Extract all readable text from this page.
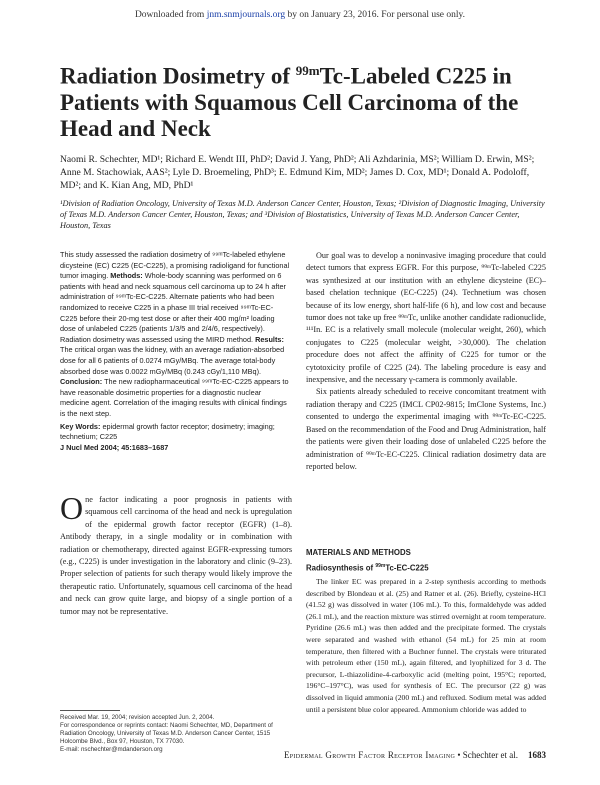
Downloaded from jnm.snmjournals.org by on January 23, 2016. For personal use only.
Radiation Dosimetry of $^{99m}$Tc-Labeled C225 in Patients with Squamous Cell Carcinoma of the Head and Neck
Naomi R. Schechter, MD¹; Richard E. Wendt III, PhD²; David J. Yang, PhD²; Ali Azhdarinia, MS²; William D. Erwin, MS²; Anne M. Stachowiak, AAS²; Lyle D. Broemeling, PhD³; E. Edmund Kim, MD²; James D. Cox, MD¹; Donald A. Podoloff, MD²; and K. Kian Ang, MD, PhD¹
¹Division of Radiation Oncology, University of Texas M.D. Anderson Cancer Center, Houston, Texas; ²Division of Diagnostic Imaging, University of Texas M.D. Anderson Cancer Center, Houston, Texas; and ³Division of Biostatistics, University of Texas M.D. Anderson Cancer Center, Houston, Texas
This study assessed the radiation dosimetry of ⁹⁹ᵐTc-labeled ethylene dicysteine (EC) C225 (EC-C225), a promising radioligand for functional tumor imaging. Methods: Whole-body scanning was performed on 6 patients with head and neck squamous cell carcinoma up to 24 h after administration of ⁹⁹ᵐTc-EC-C225. Alternate patients who had been randomized to receive C225 in a phase III trial received ⁹⁹ᵐTc-EC-C225 before their 20-mg test dose or after their 400 mg/m² loading dose of unlabeled C225 (patients 1/3/5 and 2/4/6, respectively). Radiation dosimetry was assessed using the MIRD method. Results: The critical organ was the kidney, with an average radiation-absorbed dose for all 6 patients of 0.0274 mGy/MBq. The average total-body absorbed dose was 0.0022 mGy/MBq (0.243 cGy/1,110 MBq). Conclusion: The new radiopharmaceutical ⁹⁹ᵐTc-EC-C225 appears to have reasonable dosimetric properties for a diagnostic nuclear medicine agent. Correlation of the imaging results with clinical findings is the next step.
Key Words: epidermal growth factor receptor; dosimetry; imaging; technetium; C225
J Nucl Med 2004; 45:1683–1687
One factor indicating a poor prognosis in patients with squamous cell carcinoma of the head and neck is upregulation of the epidermal growth factor receptor (EGFR) (1–8). Antibody therapy, in a single modality or in combination with radiation or chemotherapy, directed against EGFR-expressing tumors (e.g., C225) is under investigation in the laboratory and clinic (9–23). Proper selection of patients for such therapy would likely improve the therapeutic ratio. Unfortunately, squamous cell carcinoma of the head and neck can grow quite large, and biopsy of a single portion of a tumor may not be representative.
Received Mar. 19, 2004; revision accepted Jun. 2, 2004.
For correspondence or reprints contact: Naomi Schechter, MD, Department of Radiation Oncology, University of Texas M.D. Anderson Cancer Center, 1515 Holcombe Blvd., Box 97, Houston, TX 77030.
E-mail: nschechter@mdanderson.org

Our goal was to develop a noninvasive imaging procedure that could detect tumors that express EGFR. For this purpose, ⁹⁹ᵐTc-labeled C225 was synthesized at our institution with an ethylene dicysteine (EC)–based chelation technique (EC-C225) (24). Technetium was chosen because of its low energy, short half-life (6 h), and low cost and because tumor does not take up free ⁹⁹ᵐTc, unlike another candidate radionuclide, ¹¹¹In. EC is a relatively small molecule (molecular weight, 260), which conjugates to C225 (molecular weight, >30,000). The chelation procedure does not affect the affinity of C225 for tumor or the cytotoxicity profile of C225 (24). The labeling procedure is easy and inexpensive, and the necessary γ-camera is commonly available.

Six patients already scheduled to receive concomitant treatment with radiation therapy and C225 (IMCL CP02-9815; ImClone Systems, Inc.) consented to undergo the experimental imaging with ⁹⁹ᵐTc-EC-C225. Based on the recommendation of the Food and Drug Administration, half the patients were given their loading dose of unlabeled C225 before the administration of ⁹⁹ᵐTc-EC-C225. Clinical radiation dosimetry data are reported below.

MATERIALS AND METHODS
Radiosynthesis of $^{99m}$Tc-EC-C225
The linker EC was prepared in a 2-step synthesis according to methods described by Blondeau et al. (25) and Ratner et al. (26). Briefly, cysteine-HCl (41.52 g) was dissolved in water (106 mL). To this, formaldehyde was added (26.1 mL), and the reaction mixture was stirred overnight at room temperature. Pyridine (26.6 mL) was then added and the precipitate formed. The crystals were separated and washed with ethanol (54 mL) for 25 min at room temperature, then filtered with a Buchner funnel. The crystals were triturated with petroleum ether (150 mL), again filtered, and lyophilized for 3 d. The precursor, L-thiazolidine-4-carboxylic acid (melting point, 195°C; reported, 196°C–197°C), was used for synthesis of EC. The precursor (22 g) was dissolved in liquid ammonia (200 mL) and refluxed. Sodium metal was added until a persistent blue color appeared. Ammonium chloride was added to
Epidermal Growth Factor Receptor Imaging • Schechter et al. 1683
